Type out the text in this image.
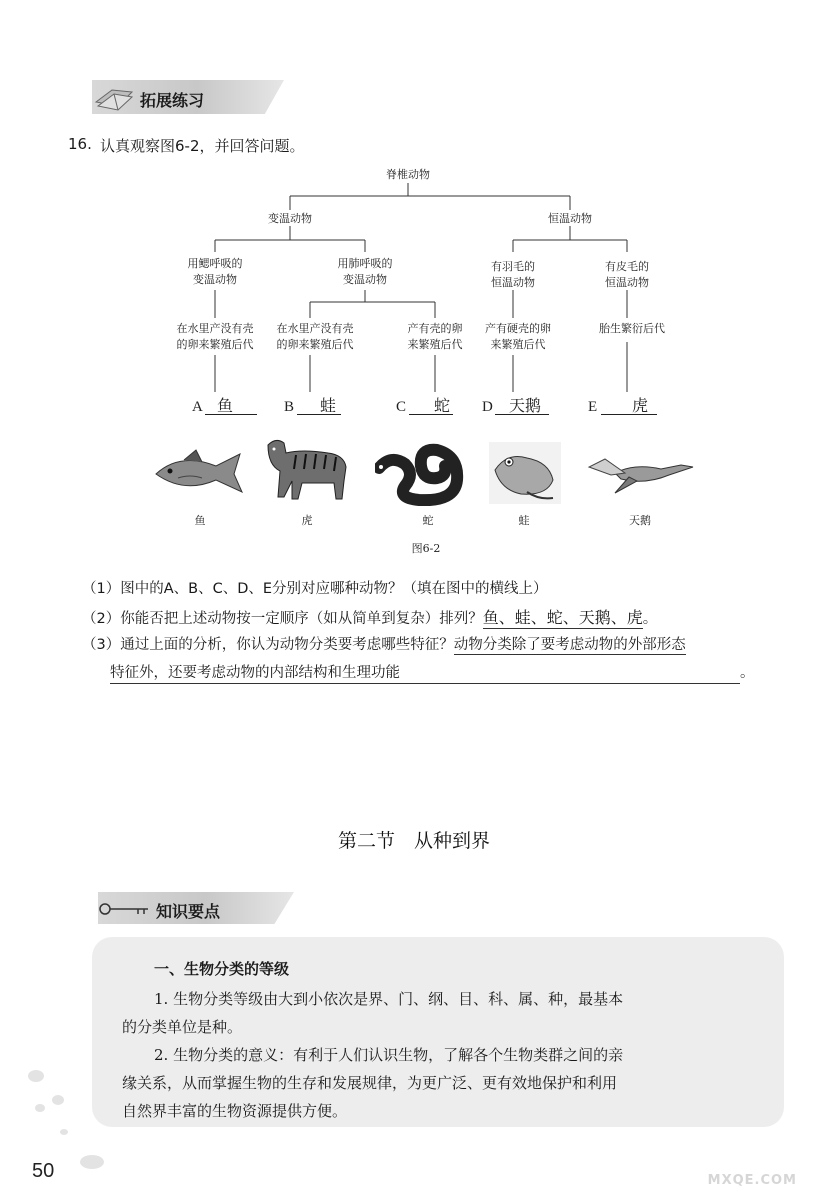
拓展练习
16. 认真观察图6-2，并回答问题。
脊椎动物
变温动物	恒温动物
用鳃呼吸的
变温动物
用肺呼吸的
变温动物
有羽毛的
恒温动物
有皮毛的
恒温动物
在水里产没有壳
的卵来繁殖后代
在水里产没有壳
的卵来繁殖后代
产有壳的卵
来繁殖后代
产有硬壳的卵
来繁殖后代
胎生繁衍后代
A 鱼	B	蛙	C	蛇	D	天鹅	E	虎
鱼	虎	蛇	蛙	天鹅
图6-2
（1）图中的A、B、C、D、E分别对应哪种动物？（填在图中的横线上）
（2）你能否把上述动物按一定顺序（如从简单到复杂）排列？鱼、蛙、蛇、天鹅、虎。
（3）通过上面的分析，你认为动物分类要考虑哪些特征？动物分类除了要考虑动物的外部形态
特征外，还要考虑动物的内部结构和生理功能	。
第二节　从种到界
知识要点
一、生物分类的等级
1. 生物分类等级由大到小依次是界、门、纲、目、科、属、种，最基本
的分类单位是种。
2. 生物分类的意义：有利于人们认识生物，了解各个生物类群之间的亲
缘关系，从而掌握生物的生存和发展规律，为更广泛、更有效地保护和利用
自然界丰富的生物资源提供方便。
50	MXQE.COM
